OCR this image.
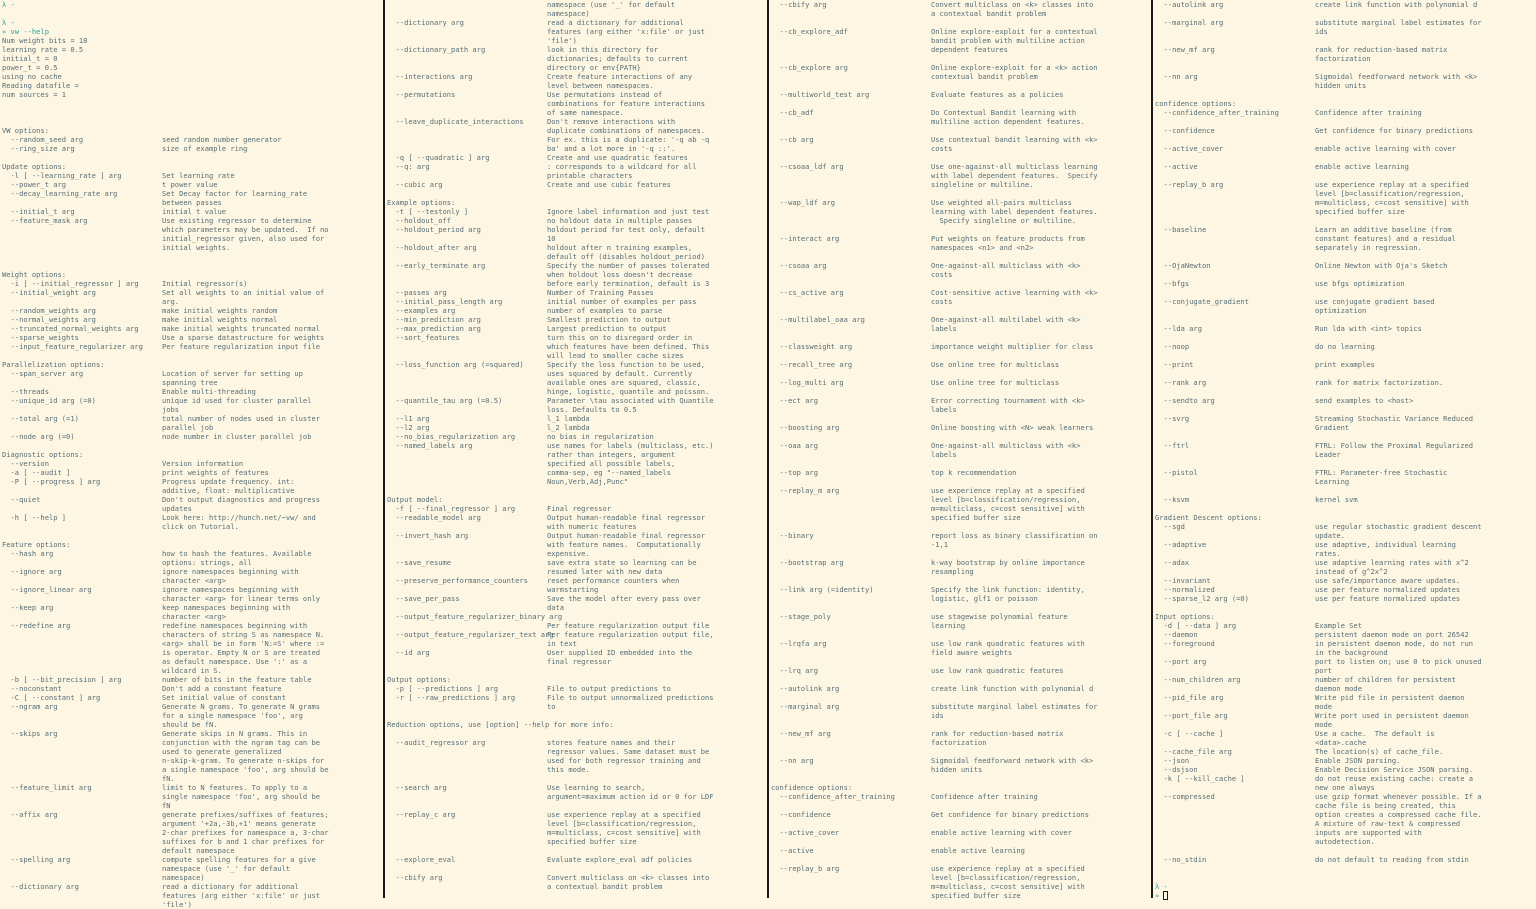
λ -
λ -
» vw --help
Num weight bits = 18
learning rate = 0.5
initial_t = 0
power_t = 0.5
using no cache
Reading datafile =
num sources = 1
VW options:
--random_seed arg	seed random number generator
--ring_size arg	size of example ring
Update options:
-l [ --learning_rate ] arg	Set learning rate
--power_t arg	t power value
--decay_learning_rate arg	Set Decay factor for learning_rate
between passes
--initial_t arg	initial t value
--feature_mask arg	Use existing regressor to determine
which parameters may be updated.  If no
initial_regressor given, also used for
initial weights.
Weight options:
-i [ --initial_regressor ] arg	Initial regressor(s)
--initial_weight arg	Set all weights to an initial value of
arg.
--random_weights arg	make initial weights random
--normal_weights arg	make initial weights normal
--truncated_normal_weights arg	make initial weights truncated normal
--sparse_weights	Use a sparse datastructure for weights
--input_feature_regularizer arg	Per feature regularization input file
Parallelization options:
--span_server arg	Location of server for setting up
spanning tree
--threads	Enable multi-threading
--unique_id arg (=0)	unique id used for cluster parallel
jobs
--total arg (=1)	total number of nodes used in cluster
parallel job
--node arg (=0)	node number in cluster parallel job
Diagnostic options:
--version	Version information
-a [ --audit ]	print weights of features
-P [ --progress ] arg	Progress update frequency. int:
additive, float: multiplicative
--quiet	Don't output diagnostics and progress
updates
-h [ --help ]	Look here: http://hunch.net/~vw/ and
click on Tutorial.
Feature options:
--hash arg	how to hash the features. Available
options: strings, all
--ignore arg	ignore namespaces beginning with
character <arg>
--ignore_linear arg	ignore namespaces beginning with
character <arg> for linear terms only
--keep arg	keep namespaces beginning with
character <arg>
--redefine arg	redefine namespaces beginning with
characters of string S as namespace N.
<arg> shall be in form 'N:=S' where :=
is operator. Empty N or S are treated
as default namespace. Use ':' as a
wildcard in S.
-b [ --bit_precision ] arg	number of bits in the feature table
--noconstant	Don't add a constant feature
-C [ --constant ] arg	Set initial value of constant
--ngram arg	Generate N grams. To generate N grams
for a single namespace 'foo', arg
should be fN.
--skips arg	Generate skips in N grams. This in
conjunction with the ngram tag can be
used to generate generalized
n-skip-k-gram. To generate n-skips for
a single namespace 'foo', arg should be
fN.
--feature_limit arg	limit to N features. To apply to a
single namespace 'foo', arg should be
fN
--affix arg	generate prefixes/suffixes of features;
argument '+2a,-3b,+1' means generate
2-char prefixes for namespace a, 3-char
suffixes for b and 1 char prefixes for
default namespace
--spelling arg	compute spelling features for a give
namespace (use '_' for default
namespace)
--dictionary arg	read a dictionary for additional
features (arg either 'x:file' or just
'file')
namespace (use '_' for default
namespace)
--dictionary arg	read a dictionary for additional
features (arg either 'x:file' or just
'file')
--dictionary_path arg	look in this directory for
dictionaries; defaults to current
directory or env{PATH}
--interactions arg	Create feature interactions of any
level between namespaces.
--permutations	Use permutations instead of
combinations for feature interactions
of same namespace.
--leave_duplicate_interactions	Don't remove interactions with
duplicate combinations of namespaces.
For ex. this is a duplicate: '-q ab -q
ba' and a lot more in '-q ::'.
-q [ --quadratic ] arg	Create and use quadratic features
--q: arg	: corresponds to a wildcard for all
printable characters
--cubic arg	Create and use cubic features
Example options:
-t [ --testonly ]	Ignore label information and just test
--holdout_off	no holdout data in multiple passes
--holdout_period arg	holdout period for test only, default
10
--holdout_after arg	holdout after n training examples,
default off (disables holdout_period)
--early_terminate arg	Specify the number of passes tolerated
when holdout loss doesn't decrease
before early termination, default is 3
--passes arg	Number of Training Passes
--initial_pass_length arg	initial number of examples per pass
--examples arg	number of examples to parse
--min_prediction arg	Smallest prediction to output
--max_prediction arg	Largest prediction to output
--sort_features	turn this on to disregard order in
which features have been defined. This
will lead to smaller cache sizes
--loss_function arg (=squared)	Specify the loss function to be used,
uses squared by default. Currently
available ones are squared, classic,
hinge, logistic, quantile and poisson.
--quantile_tau arg (=0.5)	Parameter \tau associated with Quantile
loss. Defaults to 0.5
--l1 arg	l_1 lambda
--l2 arg	l_2 lambda
--no_bias_regularization arg	no bias in regularization
--named_labels arg	use names for labels (multiclass, etc.)
rather than integers, argument
specified all possible labels,
comma-sep, eg "--named_labels
Noun,Verb,Adj,Punc"
Output model:
-f [ --final_regressor ] arg	Final regressor
--readable_model arg	Output human-readable final regressor
with numeric features
--invert_hash arg	Output human-readable final regressor
with feature names.  Computationally
expensive.
--save_resume	save extra state so learning can be
resumed later with new data
--preserve_performance_counters	reset performance counters when
warmstarting
--save_per_pass	Save the model after every pass over
data
--output_feature_regularizer_binary arg
Per feature regularization output file
--output_feature_regularizer_text arg
Per feature regularization output file,
in text
--id arg	User supplied ID embedded into the
final regressor
Output options:
-p [ --predictions ] arg	File to output predictions to
-r [ --raw_predictions ] arg	File to output unnormalized predictions
to
Reduction options, use [option] --help for more info:
--audit_regressor arg	stores feature names and their
regressor values. Same dataset must be
used for both regressor training and
this mode.
--search arg	Use learning to search,
argument=maximum action id or 0 for LDF
--replay_c arg	use experience replay at a specified
level [b=classification/regression,
m=multiclass, c=cost sensitive] with
specified buffer size
--explore_eval	Evaluate explore_eval adf policies
--cbify arg	Convert multiclass on <k> classes into
a contextual bandit problem
--cbify arg	Convert multiclass on <k> classes into
a contextual bandit problem
--cb_explore_adf	Online explore-exploit for a contextual
bandit problem with multiline action
dependent features
--cb_explore arg	Online explore-exploit for a <k> action
contextual bandit problem
--multiworld_test arg	Evaluate features as a policies
--cb_adf	Do Contextual Bandit learning with
multiline action dependent features.
--cb arg	Use contextual bandit learning with <k>
costs
--csoaa_ldf arg	Use one-against-all multiclass learning
with label dependent features.  Specify
singleline or multiline.
--wap_ldf arg	Use weighted all-pairs multiclass
learning with label dependent features.
Specify singleline or multiline.
--interact arg	Put weights on feature products from
namespaces <n1> and <n2>
--csoaa arg	One-against-all multiclass with <k>
costs
--cs_active arg	Cost-sensitive active learning with <k>
costs
--multilabel_oaa arg	One-against-all multilabel with <k>
labels
--classweight arg	importance weight multiplier for class
--recall_tree arg	Use online tree for multiclass
--log_multi arg	Use online tree for multiclass
--ect arg	Error correcting tournament with <k>
labels
--boosting arg	Online boosting with <N> weak learners
--oaa arg	One-against-all multiclass with <k>
labels
--top arg	top k recommendation
--replay_m arg	use experience replay at a specified
level [b=classification/regression,
m=multiclass, c=cost sensitive] with
specified buffer size
--binary	report loss as binary classification on
-1,1
--bootstrap arg	k-way bootstrap by online importance
resampling
--link arg (=identity)	Specify the link function: identity,
logistic, glf1 or poisson
--stage_poly	use stagewise polynomial feature
learning
--lrqfa arg	use low rank quadratic features with
field aware weights
--lrq arg	use low rank quadratic features
--autolink arg	create link function with polynomial d
--marginal arg	substitute marginal label estimates for
ids
--new_mf arg	rank for reduction-based matrix
factorization
--nn arg	Sigmoidal feedforward network with <k>
hidden units
confidence options:
--confidence_after_training	Confidence after training
--confidence	Get confidence for binary predictions
--active_cover	enable active learning with cover
--active	enable active learning
--replay_b arg	use experience replay at a specified
level [b=classification/regression,
m=multiclass, c=cost sensitive] with
specified buffer size
--autolink arg	create link function with polynomial d
--marginal arg	substitute marginal label estimates for
ids
--new_mf arg	rank for reduction-based matrix
factorization
--nn arg	Sigmoidal feedforward network with <k>
hidden units
confidence options:
--confidence_after_training	Confidence after training
--confidence	Get confidence for binary predictions
--active_cover	enable active learning with cover
--active	enable active learning
--replay_b arg	use experience replay at a specified
level [b=classification/regression,
m=multiclass, c=cost sensitive] with
specified buffer size
--baseline	Learn an additive baseline (from
constant features) and a residual
separately in regression.
--OjaNewton	Online Newton with Oja's Sketch
--bfgs	use bfgs optimization
--conjugate_gradient	use conjugate gradient based
optimization
--lda arg	Run lda with <int> topics
--noop	do no learning
--print	print examples
--rank arg	rank for matrix factorization.
--sendto arg	send examples to <host>
--svrg	Streaming Stochastic Variance Reduced
Gradient
--ftrl	FTRL: Follow the Proximal Regularized
Leader
--pistol	FTRL: Parameter-free Stochastic
Learning
--ksvm	kernel svm
Gradient Descent options:
--sgd	use regular stochastic gradient descent
update.
--adaptive	use adaptive, individual learning
rates.
--adax	use adaptive learning rates with x^2
instead of g^2x^2
--invariant	use safe/importance aware updates.
--normalized	use per feature normalized updates
--sparse_l2 arg (=0)	use per feature normalized updates
Input options:
-d [ --data ] arg	Example Set
--daemon	persistent daemon mode on port 26542
--foreground	in persistent daemon mode, do not run
in the background
--port arg	port to listen on; use 0 to pick unused
port
--num_children arg	number of children for persistent
daemon mode
--pid_file arg	Write pid file in persistent daemon
mode
--port_file arg	Write port used in persistent daemon
mode
-c [ --cache ]	Use a cache.  The default is
<data>.cache
--cache_file arg	The location(s) of cache_file.
--json	Enable JSON parsing.
--dsjson	Enable Decision Service JSON parsing.
-k [ --kill_cache ]	do not reuse existing cache: create a
new one always
--compressed	use gzip format whenever possible. If a
cache file is being created, this
option creates a compressed cache file.
A mixture of raw-text & compressed
inputs are supported with
autodetection.
--no_stdin	do not default to reading from stdin
λ -
»
